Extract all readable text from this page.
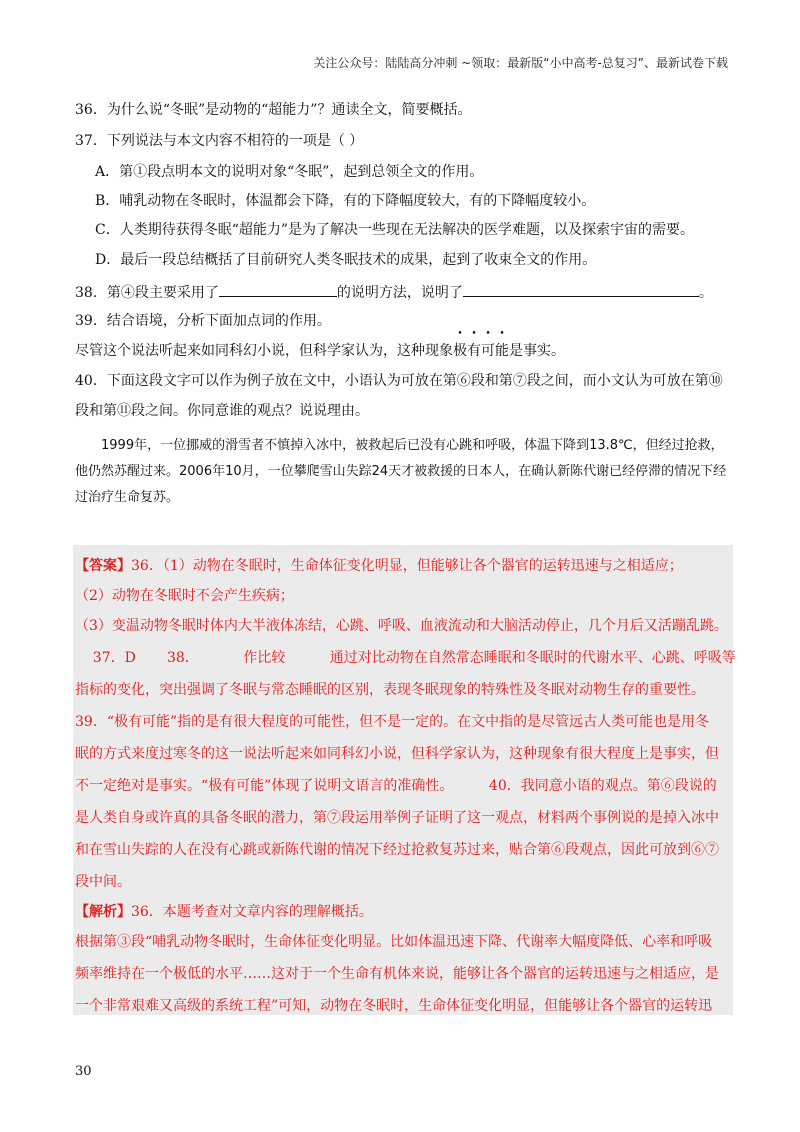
关注公众号：陆陆高分冲刺 ~领取：最新版“小中高考-总复习”、最新试卷下载
36．为什么说“冬眠”是动物的“超能力”？通读全文，简要概括。
37．下列说法与本文内容不相符的一项是（ ）
A．第①段点明本文的说明对象“冬眠”，起到总领全文的作用。
B．哺乳动物在冬眠时，体温都会下降，有的下降幅度较大，有的下降幅度较小。
C．人类期待获得冬眠“超能力”是为了解决一些现在无法解决的医学难题，以及探索宇宙的需要。
D．最后一段总结概括了目前研究人类冬眠技术的成果，起到了收束全文的作用。
38．第④段主要采用了	的说明方法，说明了	。
39．结合语境，分析下面加点词的作用。
尽管这个说法听起来如同科幻小说，但科学家认为，这种现象极有可能是事实。
40．下面这段文字可以作为例子放在文中，小语认为可放在第⑥段和第⑦段之间，而小文认为可放在第⑩
段和第⑪段之间。你同意谁的观点？说说理由。

1999年，一位挪威的滑雪者不慎掉入冰中，被救起后已没有心跳和呼吸，体温下降到13.8℃，但经过抢救，他仍然苏醒过来。2006年10月，一位攀爬雪山失踪24天才被救援的日本人，在确认新陈代谢已经停滞的情况下经过治疗生命复苏。

【答案】36．（1）动物在冬眠时，生命体征变化明显，但能够让各个器官的运转迅速与之相适应；
（2）动物在冬眠时不会产生疾病；
（3）变温动物冬眠时体内大半液体冻结，心跳、呼吸、血液流动和大脑活动停止，几个月后又活蹦乱跳。
37．D       38．          作比较          通过对比动物在自然常态睡眠和冬眠时的代谢水平、心跳、呼吸等
指标的变化，突出强调了冬眠与常态睡眠的区别，表现冬眠现象的特殊性及冬眠对动物生存的重要性。
39．“极有可能”指的是有很大程度的可能性，但不是一定的。在文中指的是尽管远古人类可能也是用冬
眠的方式来度过寒冬的这一说法听起来如同科幻小说，但科学家认为，这种现象有很大程度上是事实，但
不一定绝对是事实。“极有可能”体现了说明文语言的准确性。        40．我同意小语的观点。第⑥段说的
是人类自身或许真的具备冬眠的潜力，第⑦段运用举例子证明了这一观点，材料两个事例说的是掉入冰中
和在雪山失踪的人在没有心跳或新陈代谢的情况下经过抢救复苏过来，贴合第⑥段观点，因此可放到⑥⑦
段中间。
【解析】36．本题考查对文章内容的理解概括。
根据第③段“哺乳动物冬眠时，生命体征变化明显。比如体温迅速下降、代谢率大幅度降低、心率和呼吸
频率维持在一个极低的水平……这对于一个生命有机体来说，能够让各个器官的运转迅速与之相适应，是
一个非常艰难又高级的系统工程”可知，动物在冬眠时，生命体征变化明显，但能够让各个器官的运转迅
30
